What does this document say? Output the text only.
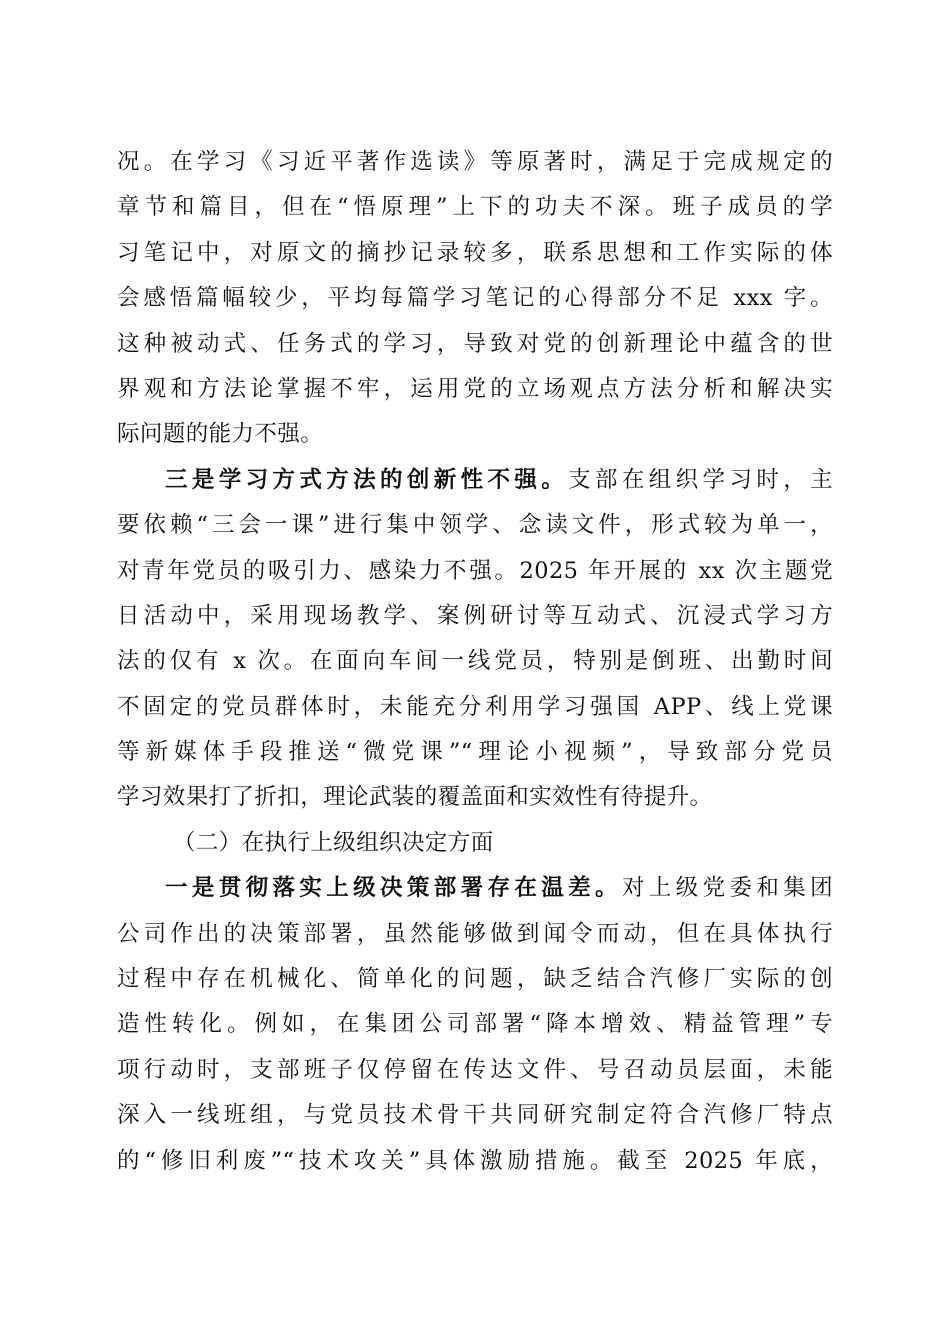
况。在学习《习近平著作选读》等原著时，满足于完成规定的
章节和篇目，但在“悟原理”上下的功夫不深。班子成员的学
习笔记中，对原文的摘抄记录较多，联系思想和工作实际的体
会感悟篇幅较少，平均每篇学习笔记的心得部分不足 xxx 字。
这种被动式、任务式的学习，导致对党的创新理论中蕴含的世
界观和方法论掌握不牢，运用党的立场观点方法分析和解决实
际问题的能力不强。
三是学习方式方法的创新性不强。支部在组织学习时，主
要依赖“三会一课”进行集中领学、念读文件，形式较为单一，
对青年党员的吸引力、感染力不强。2025 年开展的 xx 次主题党
日活动中，采用现场教学、案例研讨等互动式、沉浸式学习方
法的仅有 x 次。在面向车间一线党员，特别是倒班、出勤时间
不固定的党员群体时，未能充分利用学习强国 APP、线上党课
等新媒体手段推送“微党课”“理论小视频”，导致部分党员
学习效果打了折扣，理论武装的覆盖面和实效性有待提升。
（二）在执行上级组织决定方面
一是贯彻落实上级决策部署存在温差。对上级党委和集团
公司作出的决策部署，虽然能够做到闻令而动，但在具体执行
过程中存在机械化、简单化的问题，缺乏结合汽修厂实际的创
造性转化。例如，在集团公司部署“降本增效、精益管理”专
项行动时，支部班子仅停留在传达文件、号召动员层面，未能
深入一线班组，与党员技术骨干共同研究制定符合汽修厂特点
的“修旧利废”“技术攻关”具体激励措施。截至 2025 年底，
